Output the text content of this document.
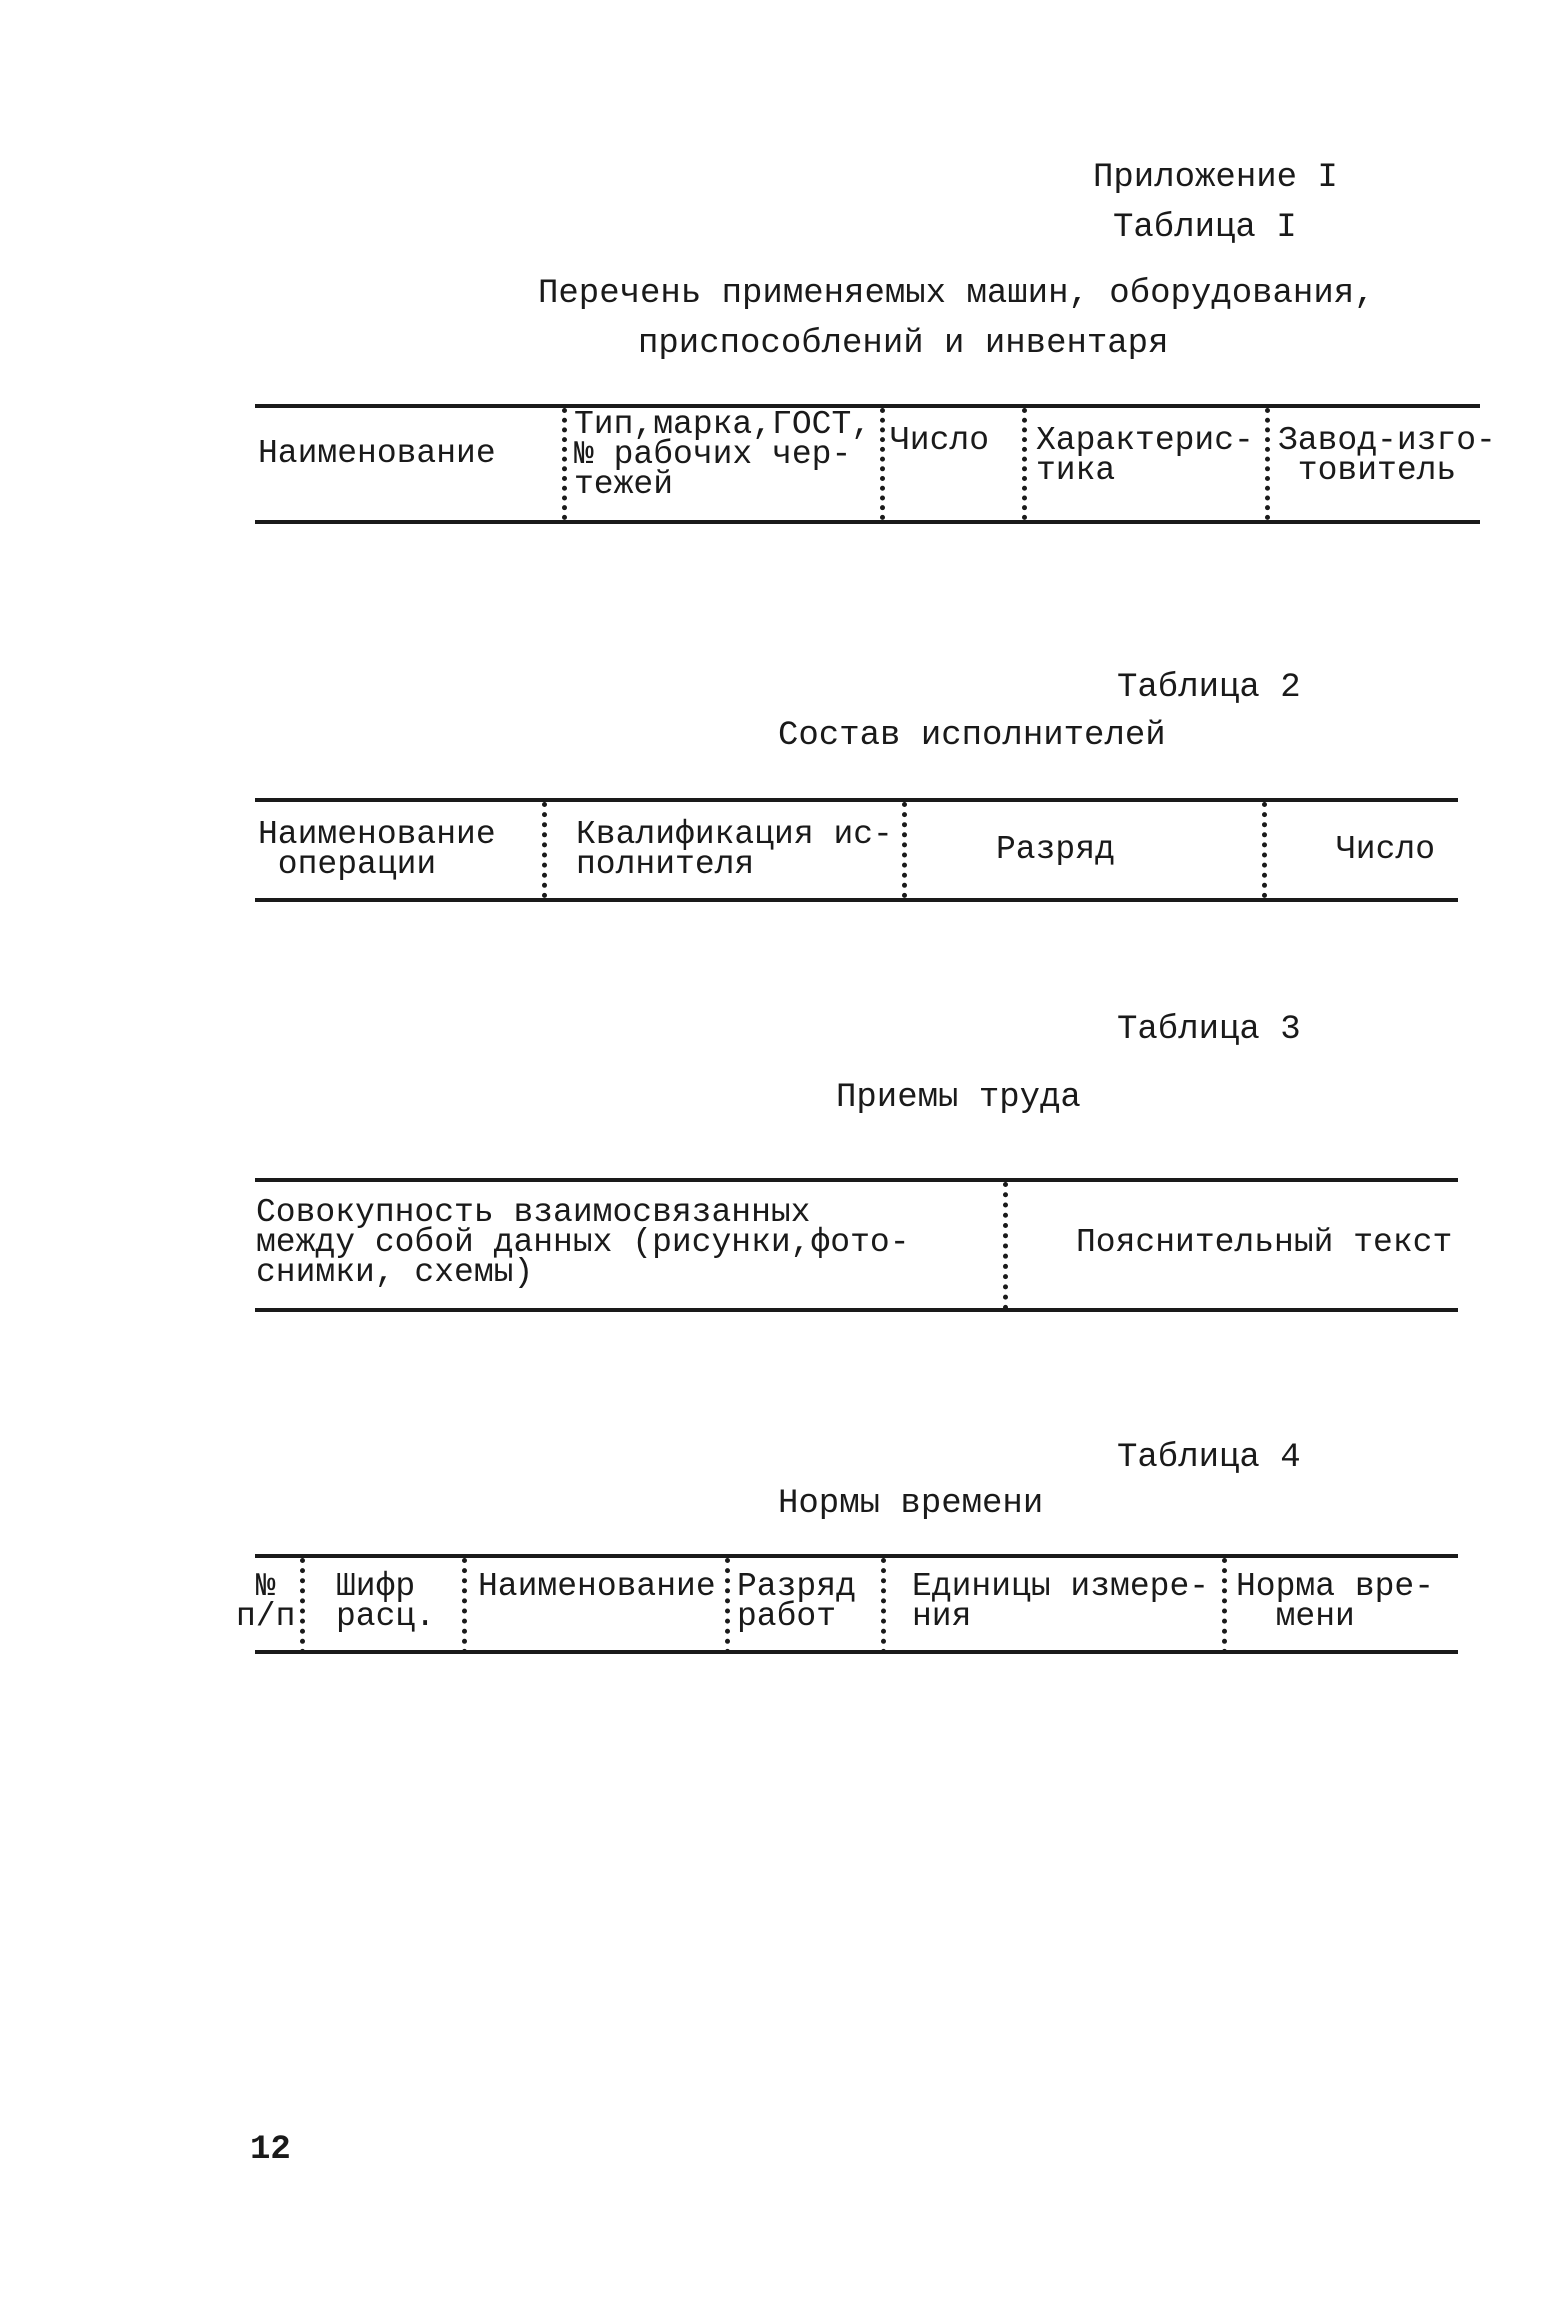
Приложение I
Таблица I
Перечень применяемых машин, оборудования,
приспособлений и инвентаря
Наименование
Тип,марка,ГОСТ,
№ рабочих чер-
тежей
Число Характерис-
тика
Завод-изго-
товитель
Таблица 2
Состав исполнителей
Наименование
операции
Квалификация ис-
полнителя	Разряд	Число
Таблица 3
Приемы труда
Совокупность взаимосвязанных
между собой данных (рисунки,фото-
снимки, схемы)
Пояснительный текст
Таблица 4
Нормы времени
№
п/п
Шифр
расц.
Наименование Разряд
работ
Единицы измере-
ния
Норма вре-
мени
12
